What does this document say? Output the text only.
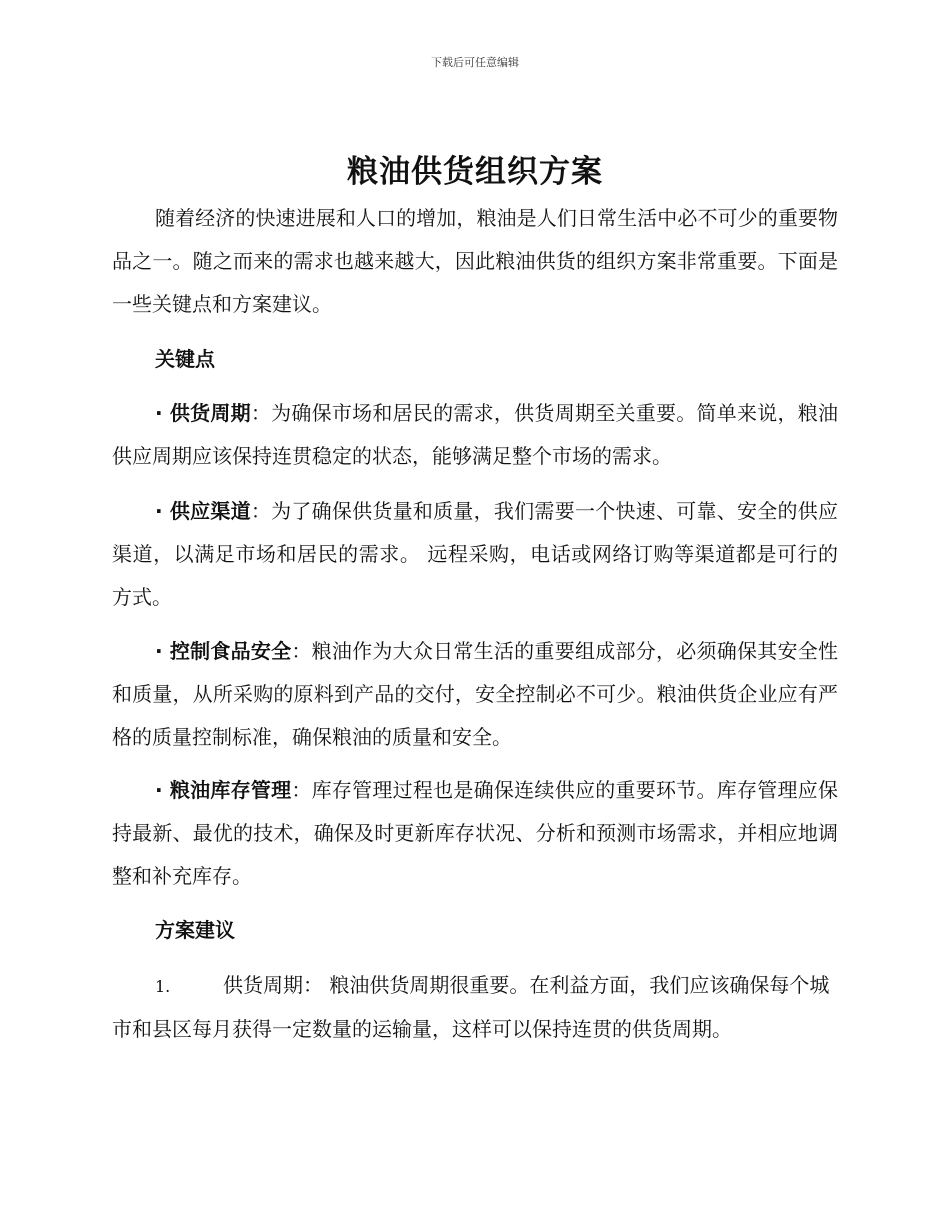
下载后可任意编辑
粮油供货组织方案

随着经济的快速进展和人口的增加，粮油是人们日常生活中必不可少的重要物品之一。随之而来的需求也越来越大，因此粮油供货的组织方案非常重要。下面是一些关键点和方案建议。

关键点

· 供货周期：为确保市场和居民的需求，供货周期至关重要。简单来说，粮油供应周期应该保持连贯稳定的状态，能够满足整个市场的需求。

· 供应渠道：为了确保供货量和质量，我们需要一个快速、可靠、安全的供应渠道，以满足市场和居民的需求。 远程采购，电话或网络订购等渠道都是可行的方式。

· 控制食品安全：粮油作为大众日常生活的重要组成部分，必须确保其安全性和质量，从所采购的原料到产品的交付，安全控制必不可少。粮油供货企业应有严格的质量控制标准，确保粮油的质量和安全。

· 粮油库存管理：库存管理过程也是确保连续供应的重要环节。库存管理应保持最新、最优的技术，确保及时更新库存状况、分析和预测市场需求，并相应地调整和补充库存。

方案建议
1.	供货周期： 粮油供货周期很重要。在利益方面，我们应该确保每个城市和县区每月获得一定数量的运输量，这样可以保持连贯的供货周期。
